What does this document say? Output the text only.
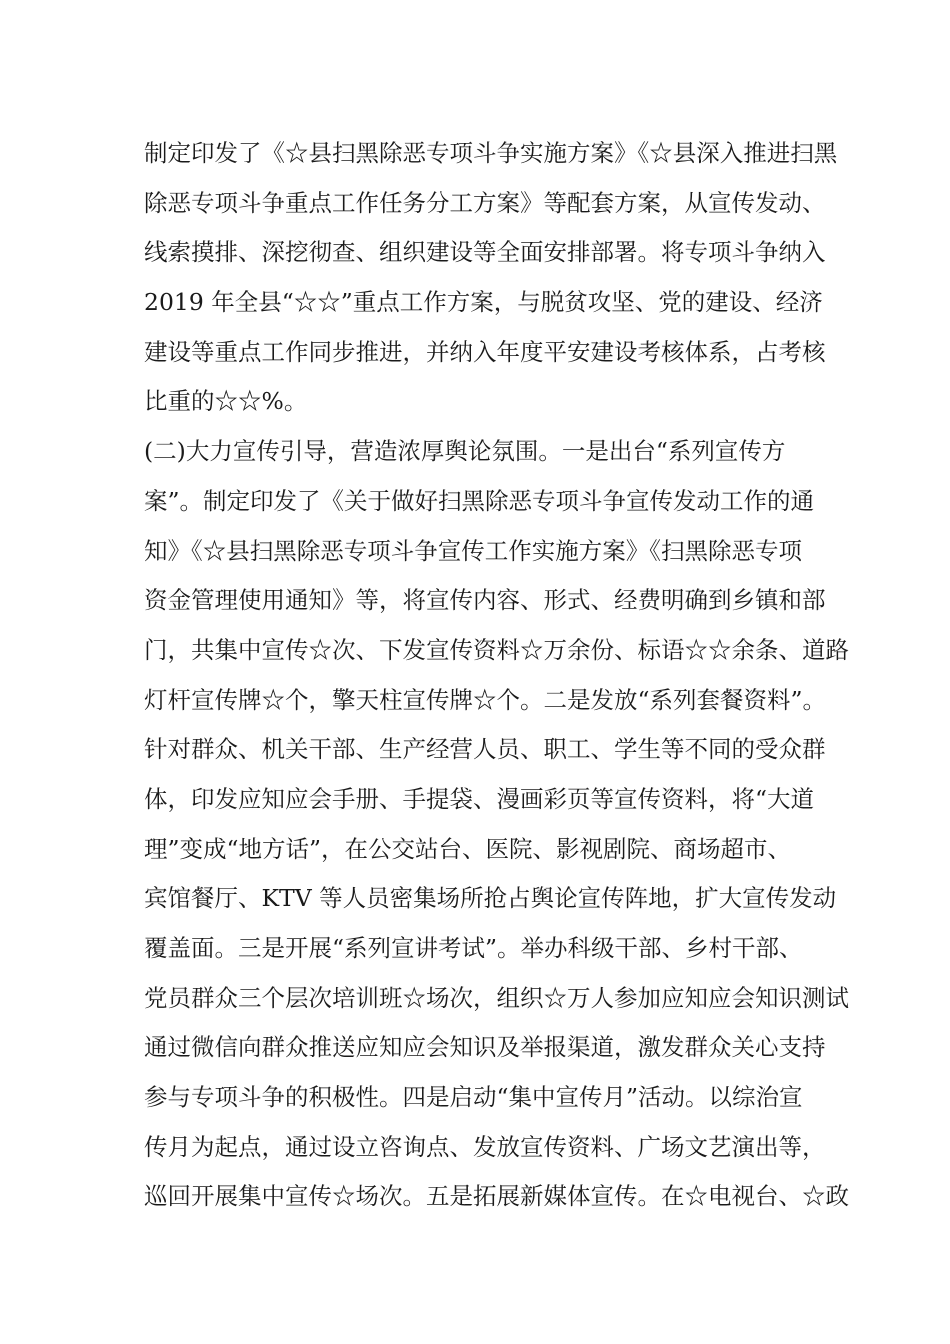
制定印发了《☆县扫黑除恶专项斗争实施方案》《☆县深入推进扫黑
除恶专项斗争重点工作任务分工方案》等配套方案，从宣传发动、
线索摸排、深挖彻查、组织建设等全面安排部署。将专项斗争纳入
2019 年全县“☆☆”重点工作方案，与脱贫攻坚、党的建设、经济
建设等重点工作同步推进，并纳入年度平安建设考核体系，占考核
比重的☆☆%。
(二)大力宣传引导，营造浓厚舆论氛围。一是出台“系列宣传方
案”。制定印发了《关于做好扫黑除恶专项斗争宣传发动工作的通
知》《☆县扫黑除恶专项斗争宣传工作实施方案》《扫黑除恶专项
资金管理使用通知》等，将宣传内容、形式、经费明确到乡镇和部
门，共集中宣传☆次、下发宣传资料☆万余份、标语☆☆余条、道路
灯杆宣传牌☆个，擎天柱宣传牌☆个。二是发放“系列套餐资料”。
针对群众、机关干部、生产经营人员、职工、学生等不同的受众群
体，印发应知应会手册、手提袋、漫画彩页等宣传资料，将“大道
理”变成“地方话”，在公交站台、医院、影视剧院、商场超市、
宾馆餐厅、KTV 等人员密集场所抢占舆论宣传阵地，扩大宣传发动
覆盖面。三是开展“系列宣讲考试”。举办科级干部、乡村干部、
党员群众三个层次培训班☆场次，组织☆万人参加应知应会知识测试
通过微信向群众推送应知应会知识及举报渠道，激发群众关心支持
参与专项斗争的积极性。四是启动“集中宣传月”活动。以综治宣
传月为起点，通过设立咨询点、发放宣传资料、广场文艺演出等，
巡回开展集中宣传☆场次。五是拓展新媒体宣传。在☆电视台、☆政
